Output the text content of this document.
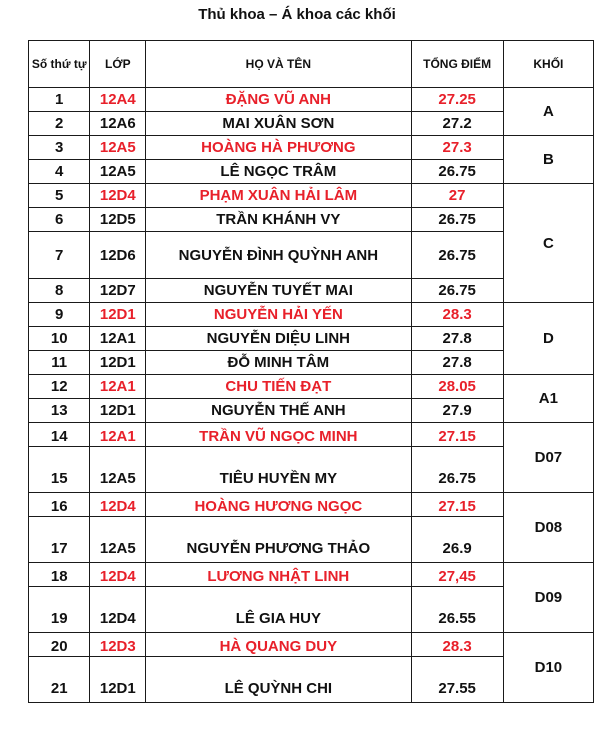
Thủ khoa – Á khoa các khối
Số thứ tự	LỚP	HỌ VÀ TÊN	TỔNG ĐIỂM	KHỐI
1	12A4	ĐẶNG VŨ ANH	27.25	A
2	12A6	MAI XUÂN SƠN	27.2	
3	12A5	HOÀNG HÀ PHƯƠNG	27.3	B
4	12A5	LÊ NGỌC TRÂM	26.75	
5	12D4	PHẠM XUÂN HẢI LÂM	27	C
6	12D5	TRẦN KHÁNH VY	26.75	
7	12D6	NGUYỄN ĐÌNH QUỲNH ANH	26.75	
8	12D7	NGUYỄN TUYẾT MAI	26.75	
9	12D1	NGUYỄN HẢI YẾN	28.3	D
10	12A1	NGUYỄN DIỆU LINH	27.8	
11	12D1	ĐỖ MINH TÂM	27.8	
12	12A1	CHU TIẾN ĐẠT	28.05	A1
13	12D1	NGUYỄN THẾ ANH	27.9	
14	12A1	TRẦN VŨ NGỌC MINH	27.15	D07
15	12A5	TIÊU HUYỀN MY	26.75	
16	12D4	HOÀNG HƯƠNG NGỌC	27.15	D08
17	12A5	NGUYỄN PHƯƠNG THẢO	26.9	
18	12D4	LƯƠNG NHẬT LINH	27,45	D09
19	12D4	LÊ GIA HUY	26.55	
20	12D3	HÀ QUANG DUY	28.3	D10
21	12D1	LÊ QUỲNH CHI	27.55	
